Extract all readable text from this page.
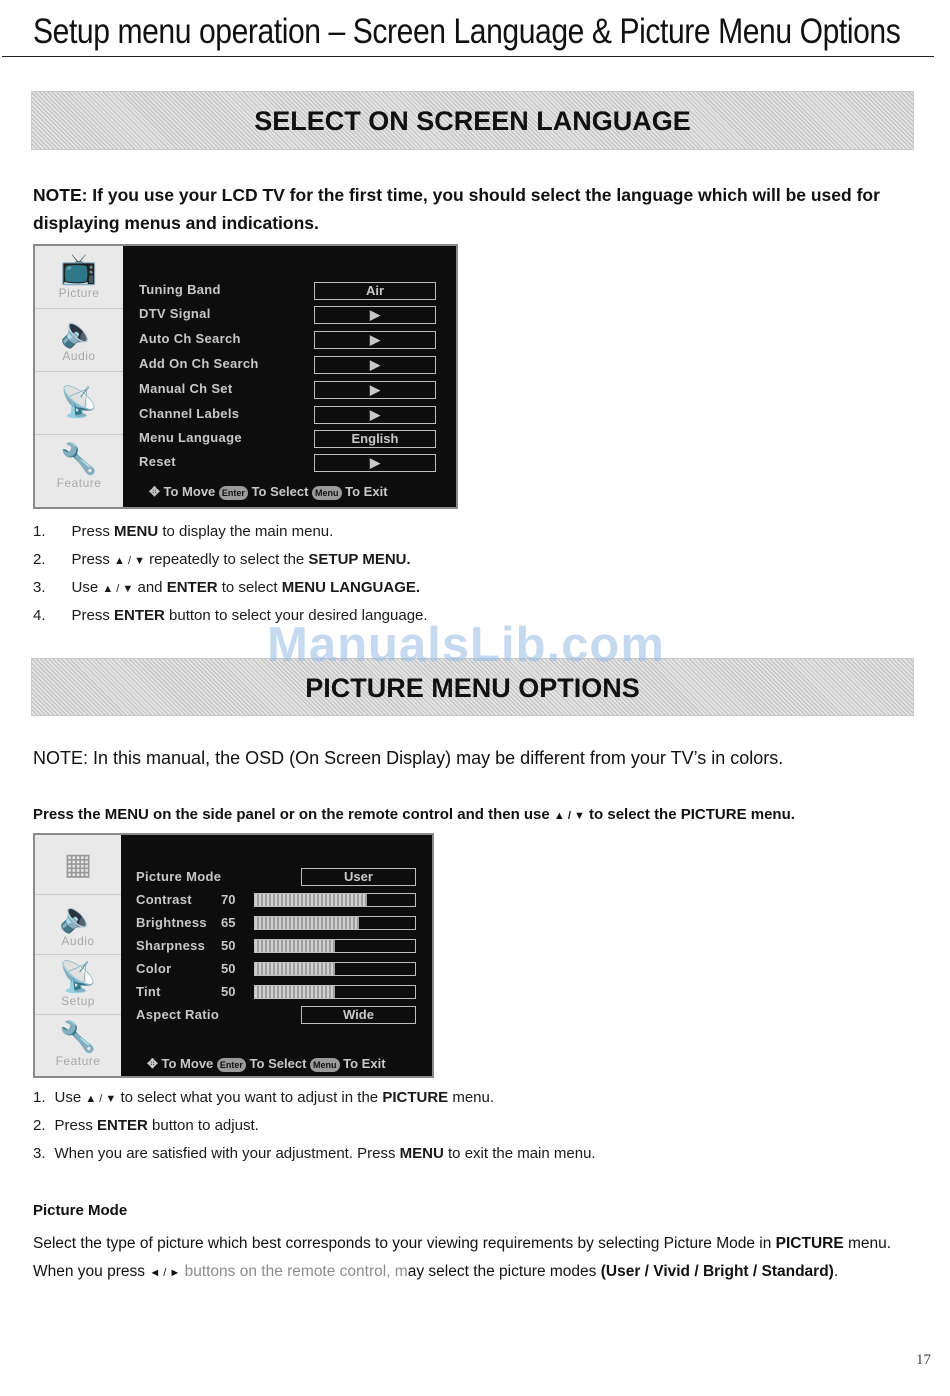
Setup menu operation – Screen Language & Picture Menu Options
SELECT ON SCREEN LANGUAGE
NOTE: If you use your LCD TV for the first time, you should select the language which will be used for displaying menus and indications.
📺
Picture
🔈
Audio
📡
🔧
Feature
Tuning Band	Air
DTV Signal	▶
Auto Ch Search	▶
Add On Ch Search	▶
Manual Ch Set	▶
Channel Labels	▶
Menu Language	English
Reset	▶
✥ To Move Enter To Select Menu To Exit
1. Press MENU to display the main menu.
2. Press ▲ / ▼ repeatedly to select the SETUP MENU.
3. Use ▲ / ▼ and ENTER to select MENU LANGUAGE.
4. Press ENTER button to select your desired language.
PICTURE MENU OPTIONS
ManualsLib.com
NOTE: In this manual, the OSD (On Screen Display) may be different from your TV’s in colors.
Press the MENU on the side panel or on the remote control and then use ▲ / ▼ to select the PICTURE menu.
▦
🔈
Audio
📡
Setup
🔧
Feature
Picture Mode	User
Contrast 70
Brightness 65
Sharpness 50
Color	50
Tint	50
Aspect Ratio	Wide
✥ To Move Enter To Select Menu To Exit
1. Use ▲ / ▼ to select what you want to adjust in the PICTURE menu.
2. Press ENTER button to adjust.
3. When you are satisfied with your adjustment. Press MENU to exit the main menu.
Picture Mode
Select the type of picture which best corresponds to your viewing requirements by selecting Picture Mode in PICTURE menu.
When you press ◄ / ► buttons on the remote control, may select the picture modes (User / Vivid / Bright / Standard).
17
